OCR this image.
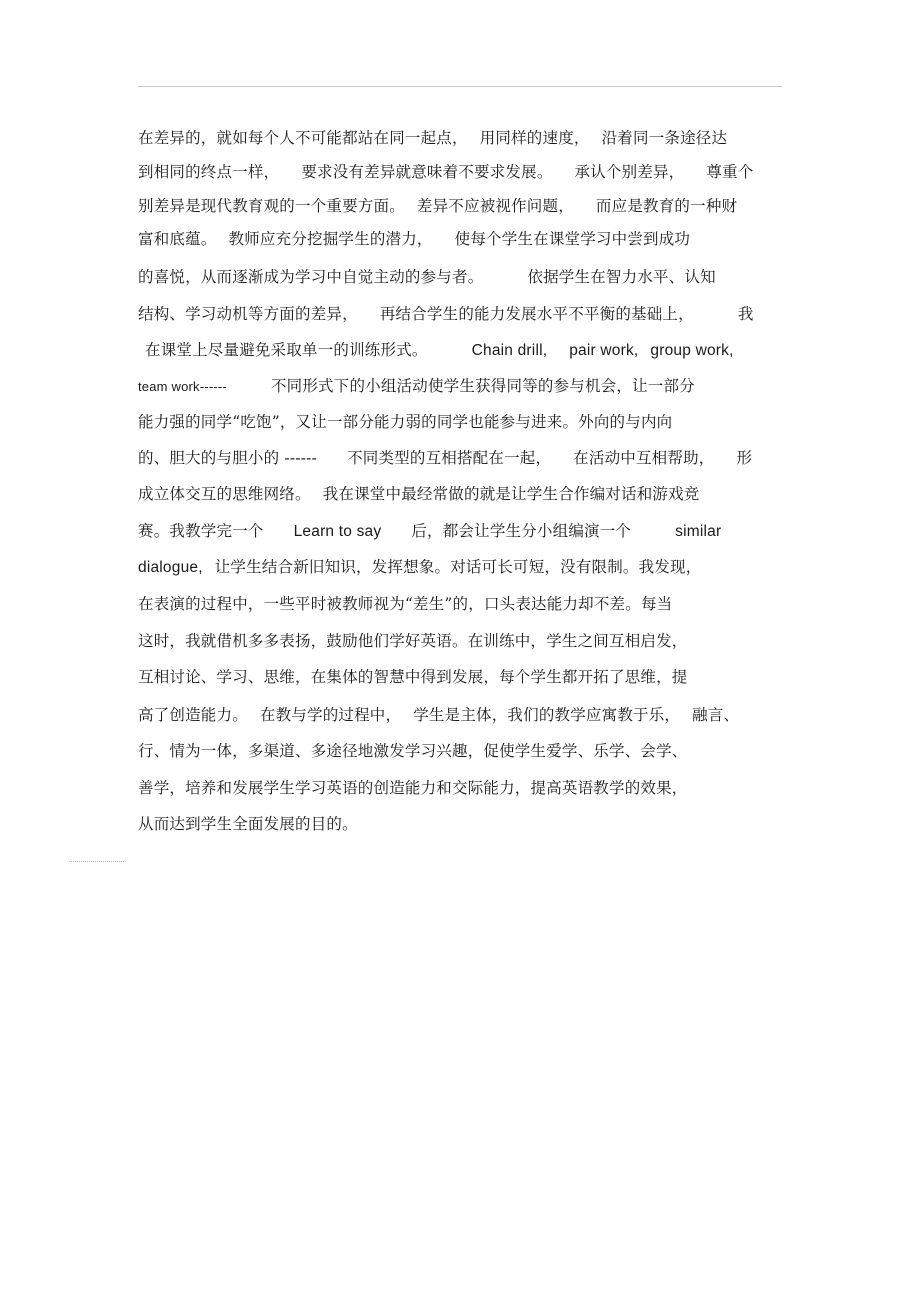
在差异的，就如每个人不可能都站在同一起点， 用同样的速度， 沿着同一条途径达
到相同的终点一样， 要求没有差异就意味着不要求发展。 承认个别差异， 尊重个
别差异是现代教育观的一个重要方面。 差异不应被视作问题， 而应是教育的一种财
富和底蕴。 教师应充分挖掘学生的潜力， 使每个学生在课堂学习中尝到成功
的喜悦，从而逐渐成为学习中自觉主动的参与者。	依据学生在智力水平、认知
结构、学习动机等方面的差异， 再结合学生的能力发展水平不平衡的基础上，	我
在课堂上尽量避免采取单一的训练形式。	Chain drill, pair work, group work,
team work------	不同形式下的小组活动使学生获得同等的参与机会，让一部分
能力强的同学“吃饱”，又让一部分能力弱的同学也能参与进来。外向的与内向
的、胆大的与胆小的 ------ 不同类型的互相搭配在一起， 在活动中互相帮助， 形
成立体交互的思维网络。 我在课堂中最经常做的就是让学生合作编对话和游戏竞
赛。我教学完一个 Learn to say 后，都会让学生分小组编演一个	similar
dialogue, 让学生结合新旧知识，发挥想象。对话可长可短，没有限制。我发现，
在表演的过程中，一些平时被教师视为“差生”的，口头表达能力却不差。每当
这时，我就借机多多表扬，鼓励他们学好英语。在训练中，学生之间互相启发，
互相讨论、学习、思维，在集体的智慧中得到发展，每个学生都开拓了思维，提
高了创造能力。 在教与学的过程中， 学生是主体，我们的教学应寓教于乐， 融言、
行、情为一体，多渠道、多途径地激发学习兴趣，促使学生爱学、乐学、会学、
善学，培养和发展学生学习英语的创造能力和交际能力，提高英语教学的效果，
从而达到学生全面发展的目的。
